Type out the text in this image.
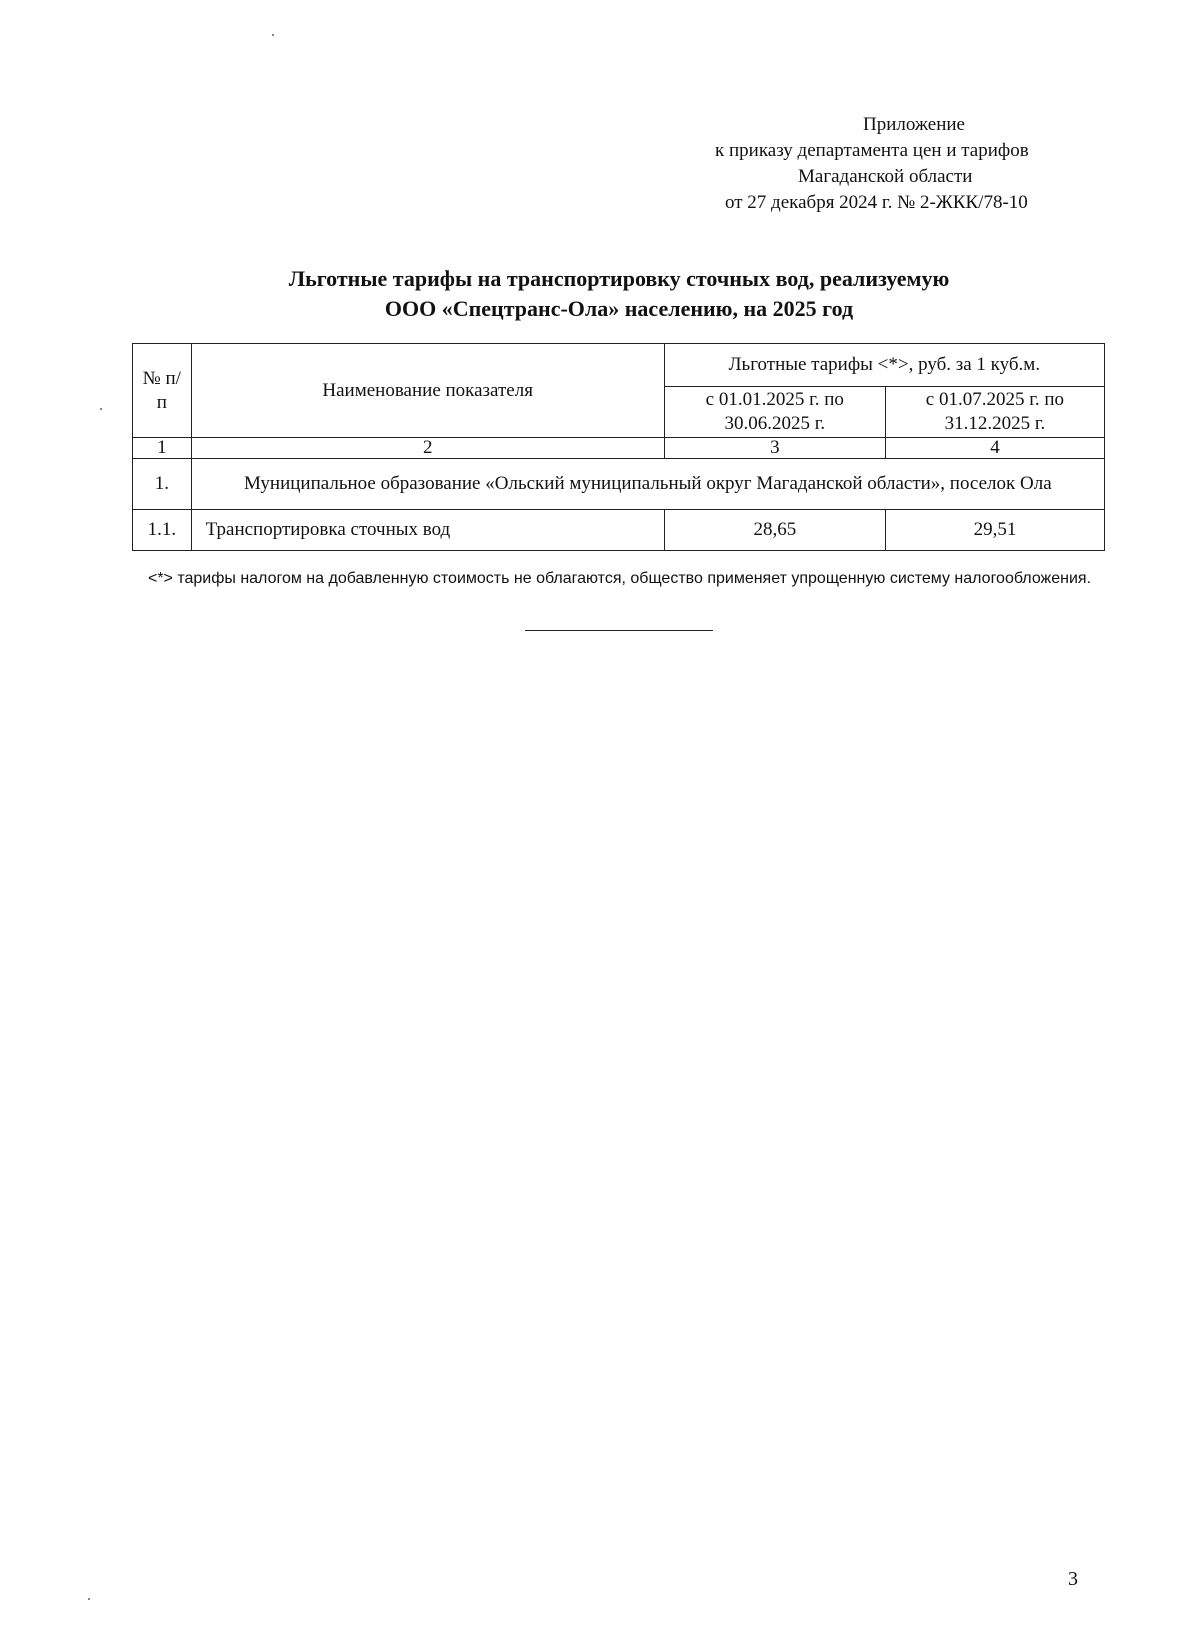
Приложение
к приказу департамента цен и тарифов
Магаданской области
от 27 декабря 2024 г. № 2-ЖКК/78-10
Льготные тарифы на транспортировку сточных вод, реализуемую
ООО «Спецтранс-Ола» населению, на 2025 год
№ п/п	Наименование показателя	Льготные тарифы <*>, руб. за 1 куб.м.	
		с 01.01.2025 г. по 30.06.2025 г.	с 01.07.2025 г. по 31.12.2025 г.
1	2	3	4
1.	Муниципальное образование «Ольский муниципальный округ Магаданской области», поселок Ола		
1.1.	Транспортировка сточных вод	28,65	29,51
<*> тарифы налогом на добавленную стоимость не облагаются, общество применяет упрощенную систему налогообложения.
3
